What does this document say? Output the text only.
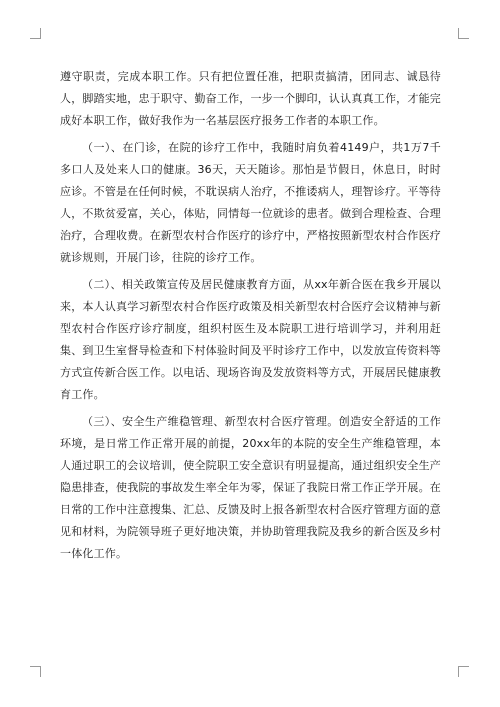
遵守职责，完成本职工作。只有把位置任准，把职责搞清，团同志、诚恳待人，脚踏实地，忠于职守、勤奋工作，一步一个脚印，认认真真工作，才能完成好本职工作，做好我作为一名基层医疗报务工作者的本职工作。

（一）、在门诊，在院的诊疗工作中，我随时肩负着4149户，共1万7千多口人及处来人口的健康。36天，天天随诊。那怕是节假日，休息日，时时应诊。不管是在任何时候，不耽误病人治疗，不推诿病人，理智诊疗。平等待人，不欺贫爱富，关心，体贴，同情每一位就诊的患者。做到合理检查、合理治疗，合理收费。在新型农村合作医疗的诊疗中，严格按照新型农村合作医疗就诊规则，开展门诊，往院的诊疗工作。

（二）、相关政策宣传及居民健康教育方面，从xx年新合医在我乡开展以来，本人认真学习新型农村合作医疗政策及相关新型农村合医疗会议精神与新型农村合作医疗诊疗制度，组织村医生及本院职工进行培训学习，并利用赶集、到卫生室督导检查和下村体验时间及平时诊疗工作中，以发放宣传资料等方式宣传新合医工作。以电话、现场咨询及发放资料等方式，开展居民健康教育工作。

（三）、安全生产维稳管理、新型农村合医疗管理。创造安全舒适的工作环境，是日常工作正常开展的前提，20xx年的本院的安全生产维稳管理，本人通过职工的会议培训，使全院职工安全意识有明显提高，通过组织安全生产隐患排查，使我院的事故发生率全年为零，保证了我院日常工作正学开展。在日常的工作中注意搜集、汇总、反馈及时上报各新型农村合医疗管理方面的意见和材料，为院领导班子更好地决策，并协助管理我院及我乡的新合医及乡村一体化工作。
